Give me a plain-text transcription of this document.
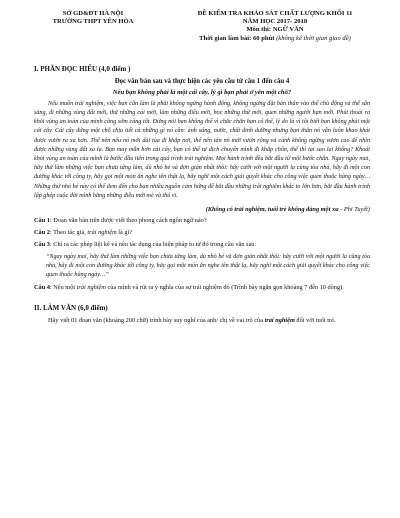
SỞ GD&ĐT HÀ NỘI
TRƯỜNG THPT YÊN HÒA
ĐỀ KIỂM TRA KHẢO SÁT CHẤT LƯỢNG KHỐI 11
NĂM HỌC 2017- 2018
Môn thi: NGỮ VĂN
Thời gian làm bài: 60 phút (không kể thời gian giao đề)
I. PHẦN ĐỌC HIỂU (4,0 điểm )
Đọc văn bản sau và thực hiện các yêu cầu từ câu 1 đến câu 4
Nếu bạn không phải là một cái cây, lý gì bạn phải ở yên một chỗ?
Nếu muốn trải nghiệm, việc bạn cần làm là phải không ngừng hành động, không ngừng đặt bản thân vào thế chủ động và thế sẵn sàng, đi những vùng đất mới, thử những cái mới, làm những điều mới, học những thứ mới, quen những người bạn mới. Phút thoải ra khỏi vùng an toàn của mình càng sớm càng tốt. Đừng nói bạn không thể vì chắc chắn bạn có thể, lý do là vì tôi biết bạn không phải một cái cây. Cái cây đứng một chỗ chịu tiết cả những gì nó cần: ánh sáng, nước, chất dinh dưỡng nhưng bạn thân nó vẫn luôn khao khát được vươn ra xa hơn. Thế nên nếu nó mới dài tùa đi khắp nơi, thế nên tán nó mới vươn rộng và cành không ngừng vươn cao để nhìn được những vùng đất xa lạ. Bạn may mắn hơn cái cây, bạn có thể tự dịch chuyển mình đi khắp chốn, thế thì tại sao lại không? Khoát khỏi vùng an toàn của mình là bước đầu tiên trong quá trình trải nghiệm. Mọi hành trình đều bắt đầu từ một bước chân. Ngay ngày mai, hãy thử làm những việc bạn chưa từng làm, dù nhỏ bé và đơn giản nhất thôi: hãy cười với một người lạ cùng tòa nhà, hãy đi một con đường khác tới công ty, hãy gọi một món ăn nghe tên thật lạ, hãy nghĩ một cách giải quyết khác cho công việc quen thuộc hàng ngày… Những thứ nhỏ bé này có thể đem đến cho bạn nhiều nguồn cảm hứng để bắt đầu những trải nghiệm khác to lớn hơn, bắt đầu hành trình lập ghép cuộc đời mình bằng những điều mới mẻ và thú vị.
(Không có trải nghiệm, tuổi trẻ không đáng một xu - Phi Tuyết)
Câu 1: Đoạn văn bản trên được viết theo phong cách ngôn ngữ nào?
Câu 2: Theo tác giả, trải nghiệm là gì?
Câu 3: Chỉ ra các phép liệt kê và nêu tác dụng của biện pháp tu từ đó trong câu văn sau:
“Ngay ngày mai, hãy thử làm những việc bạn chưa từng làm, dù nhỏ bé và đơn giản nhất thôi: hãy cười với một người lạ cùng tòa nhà, hãy đi một con đường khác tới công ty, hãy gọi một món ăn nghe tên thật lạ, hãy nghĩ một cách giải quyết khác cho công việc quen thuộc hàng ngày…”
Câu 4: Nêu một trải nghiệm của mình và rút ra ý nghĩa của sự trải nghiệm đó (Trình bày ngắn gọn khoảng 7 đến 10 dòng)
II. LÀM VĂN (6,0 điểm)
Hãy viết 01 đoạn văn (khoảng 200 chữ) trình bày suy nghĩ của anh/ chị về vai trò của trải nghiệm đối với tuổi trẻ.
